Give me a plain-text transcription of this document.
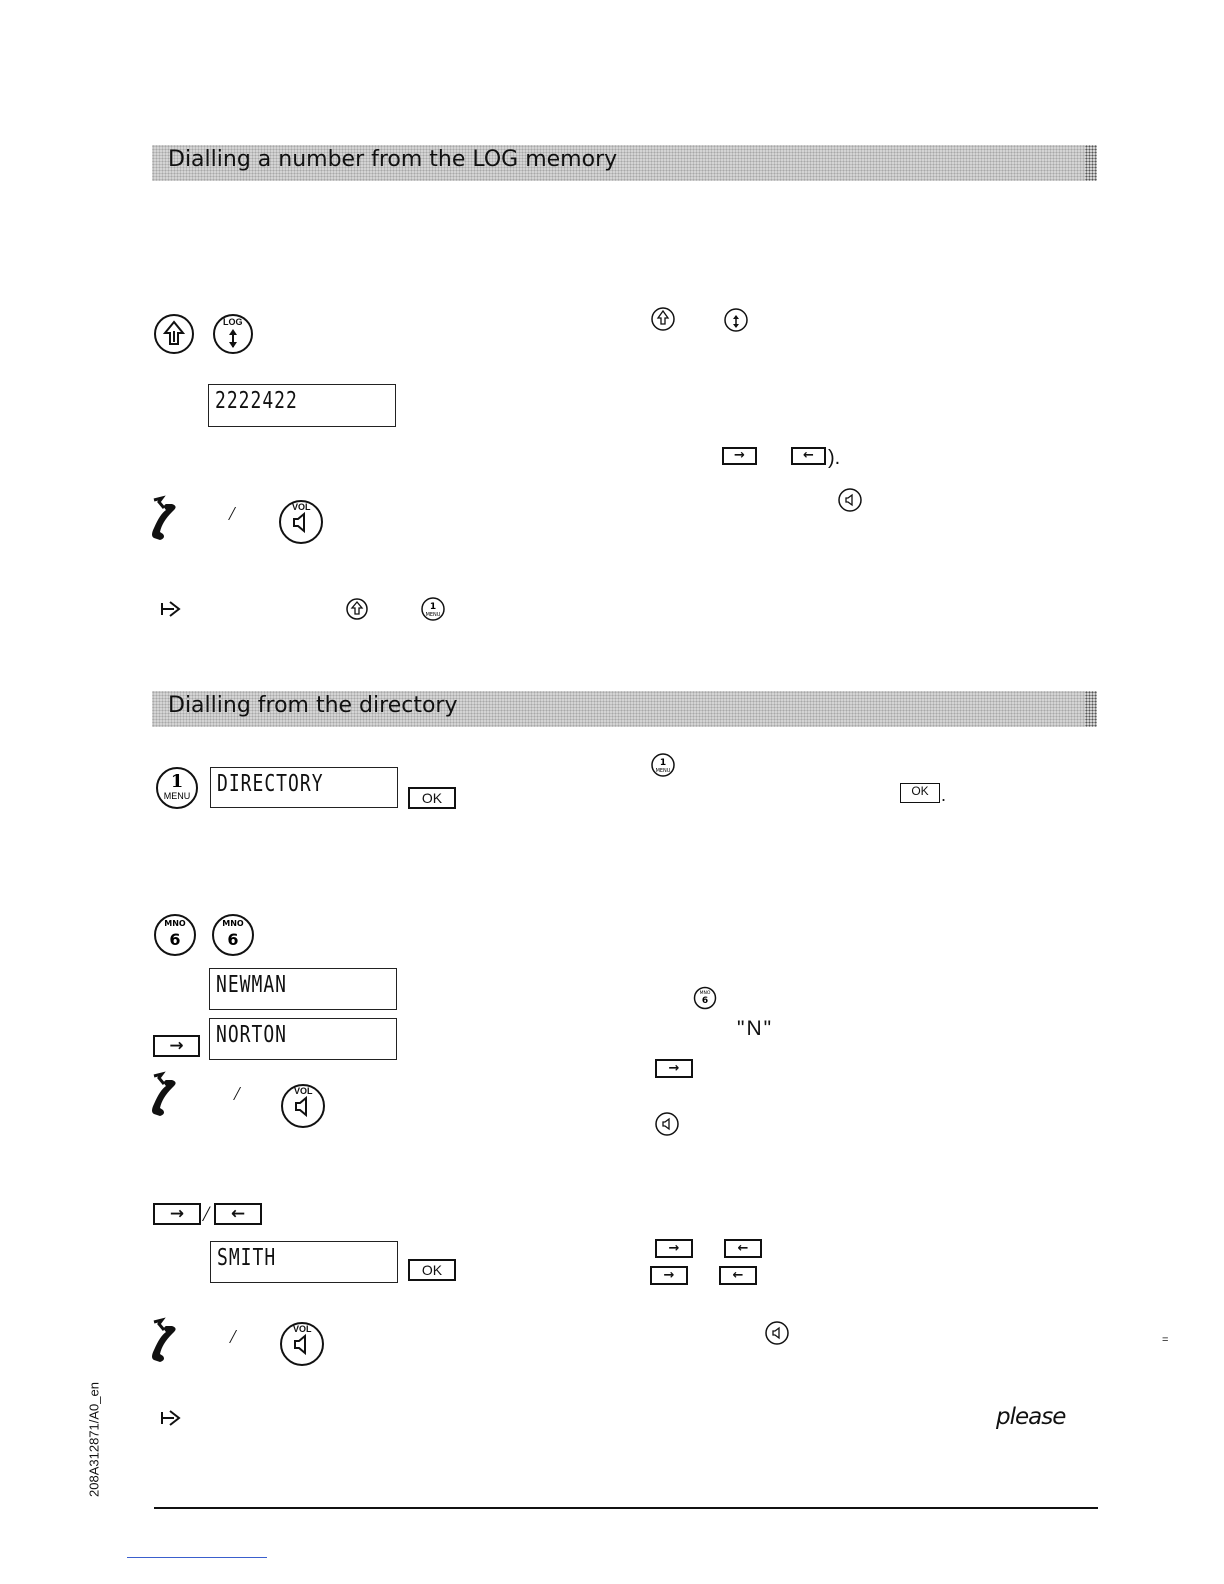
Dialling a number from the LOG memory
LOG
2222422
/	VOL
1
MENU
→	← ).
Dialling from the directory
1
MENU DIRECTORY
OK
1
MENU
OK .
MNO
6
MNO
6
NEWMAN
→	NORTON
MNO
6
"N"
→
/	VOL
→ /	←
SMITH	OK
→	←
→	←
/	VOL
=
please
208A312871/A0_en
